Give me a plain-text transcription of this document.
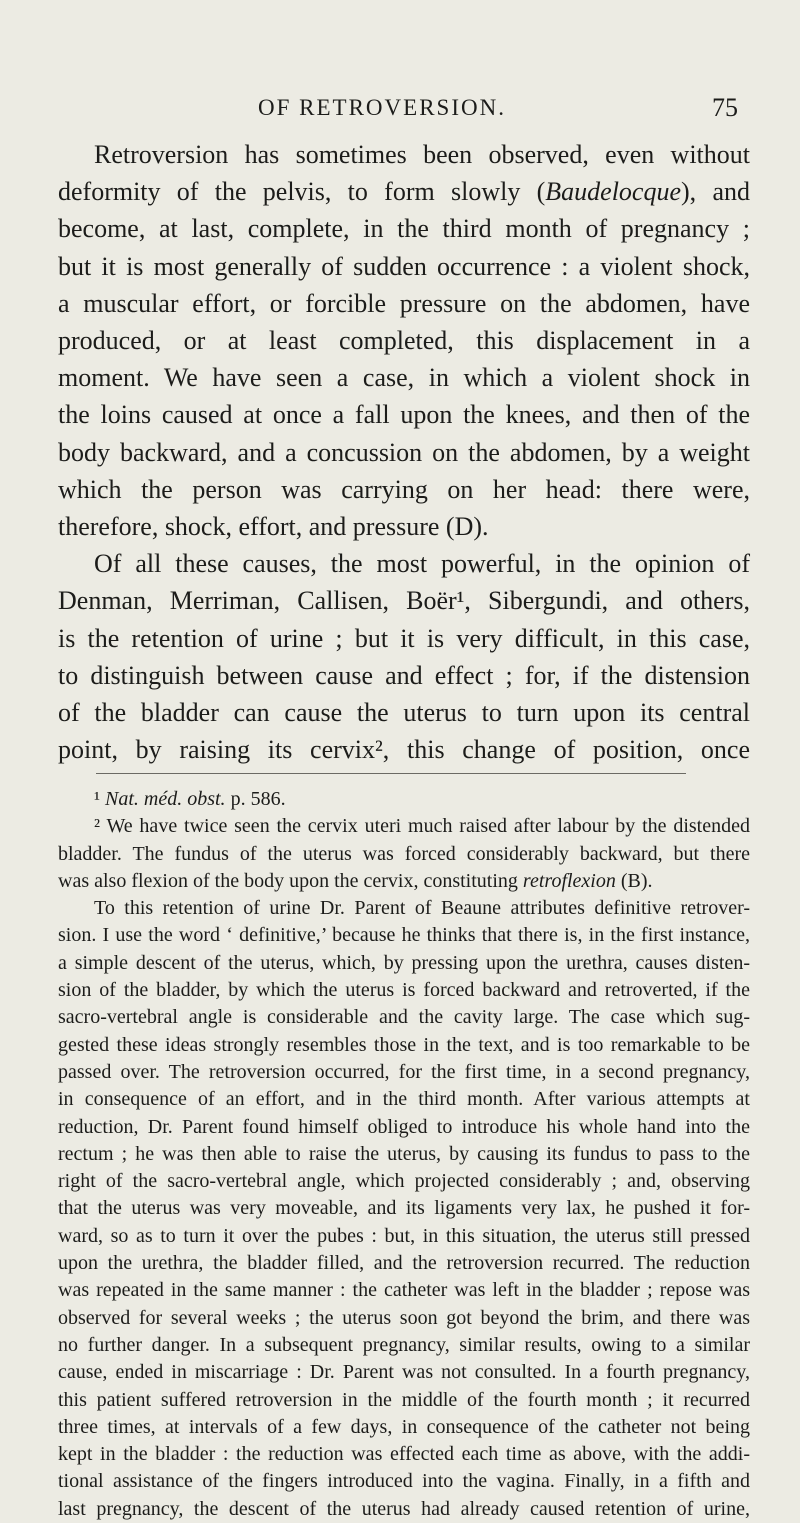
OF RETROVERSION.	75

Retroversion has sometimes been observed, even without
deformity of the pelvis, to form slowly (Baudelocque), and
become, at last, complete, in the third month of pregnancy ;
but it is most generally of sudden occurrence : a violent shock,
a muscular effort, or forcible pressure on the abdomen, have
produced, or at least completed, this displacement in a
moment. We have seen a case, in which a violent shock in
the loins caused at once a fall upon the knees, and then of the
body backward, and a concussion on the abdomen, by a weight
which the person was carrying on her head: there were,
therefore, shock, effort, and pressure (D).

Of all these causes, the most powerful, in the opinion of
Denman, Merriman, Callisen, Boër¹, Sibergundi, and others,
is the retention of urine ; but it is very difficult, in this case,
to distinguish between cause and effect ; for, if the distension
of the bladder can cause the uterus to turn upon its central
point, by raising its cervix², this change of position, once

¹ Nat. méd. obst. p. 586.
² We have twice seen the cervix uteri much raised after labour by the distended
bladder. The fundus of the uterus was forced considerably backward, but there
was also flexion of the body upon the cervix, constituting retroflexion (B).
To this retention of urine Dr. Parent of Beaune attributes definitive retrover-
sion. I use the word ‘ definitive,’ because he thinks that there is, in the first instance,
a simple descent of the uterus, which, by pressing upon the urethra, causes disten-
sion of the bladder, by which the uterus is forced backward and retroverted, if the
sacro-vertebral angle is considerable and the cavity large. The case which sug-
gested these ideas strongly resembles those in the text, and is too remarkable to be
passed over. The retroversion occurred, for the first time, in a second pregnancy,
in consequence of an effort, and in the third month. After various attempts at
reduction, Dr. Parent found himself obliged to introduce his whole hand into the
rectum ; he was then able to raise the uterus, by causing its fundus to pass to the
right of the sacro-vertebral angle, which projected considerably ; and, observing
that the uterus was very moveable, and its ligaments very lax, he pushed it for-
ward, so as to turn it over the pubes : but, in this situation, the uterus still pressed
upon the urethra, the bladder filled, and the retroversion recurred. The reduction
was repeated in the same manner : the catheter was left in the bladder ; repose was
observed for several weeks ; the uterus soon got beyond the brim, and there was
no further danger. In a subsequent pregnancy, similar results, owing to a similar
cause, ended in miscarriage : Dr. Parent was not consulted. In a fourth pregnancy,
this patient suffered retroversion in the middle of the fourth month ; it recurred
three times, at intervals of a few days, in consequence of the catheter not being
kept in the bladder : the reduction was effected each time as above, with the addi-
tional assistance of the fingers introduced into the vagina. Finally, in a fifth and
last pregnancy, the descent of the uterus had already caused retention of urine,
